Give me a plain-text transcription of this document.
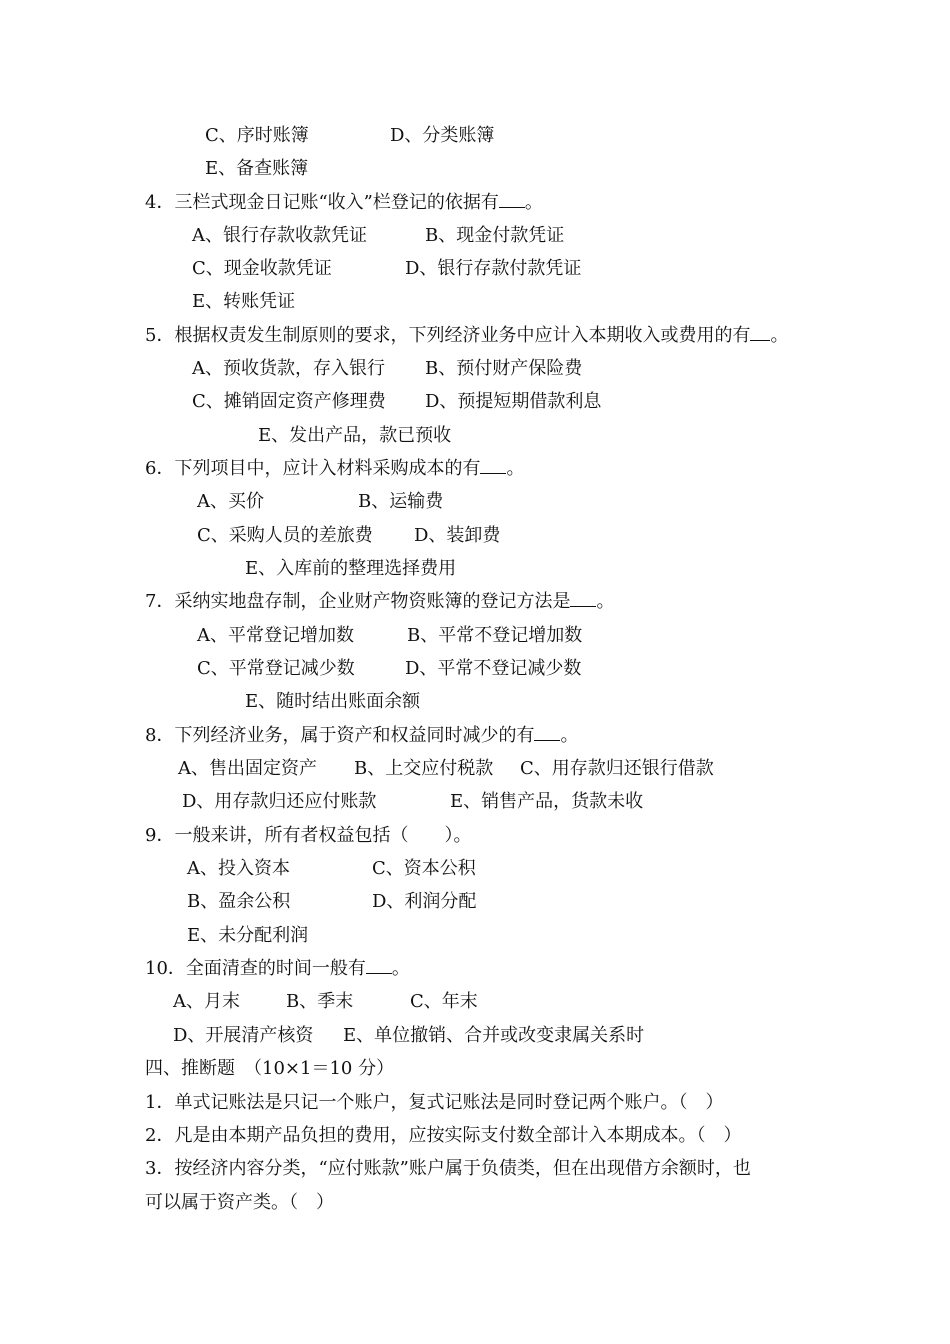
C、序时账簿	D、分类账簿
E、备查账簿
4．三栏式现金日记账“收入”栏登记的依据有 。
A、银行存款收款凭证	B、现金付款凭证
C、现金收款凭证	D、银行存款付款凭证
E、转账凭证
5．根据权责发生制原则的要求，下列经济业务中应计入本期收入或费用的有 。
A、预收货款，存入银行 B、预付财产保险费
C、摊销固定资产修理费 D、预提短期借款利息
E、发出产品，款已预收
6．下列项目中，应计入材料采购成本的有 。
A、买价	B、运输费
C、采购人员的差旅费 D、装卸费
E、入库前的整理选择费用
7．采纳实地盘存制，企业财产物资账簿的登记方法是 。
A、平常登记增加数	B、平常不登记增加数
C、平常登记减少数	D、平常不登记减少数
E、随时结出账面余额
8．下列经济业务，属于资产和权益同时减少的有 。
A、售出固定资产 B、上交应付税款 C、用存款归还银行借款
D、用存款归还应付账款	E、销售产品，货款未收
9．一般来讲，所有者权益包括（　　）。
A、投入资本	C、资本公积
B、盈余公积	D、利润分配
E、未分配利润
10．全面清查的时间一般有 。
A、月末	B、季末	C、年末
D、开展清产核资 E、单位撤销、合并或改变隶属关系时
四、推断题　（10×1＝10 分）
1．单式记账法是只记一个账户，复式记账法是同时登记两个账户。（　）
2．凡是由本期产品负担的费用，应按实际支付数全部计入本期成本。（　）
3．按经济内容分类，“应付账款”账户属于负债类，但在出现借方余额时，也
可以属于资产类。（　）
